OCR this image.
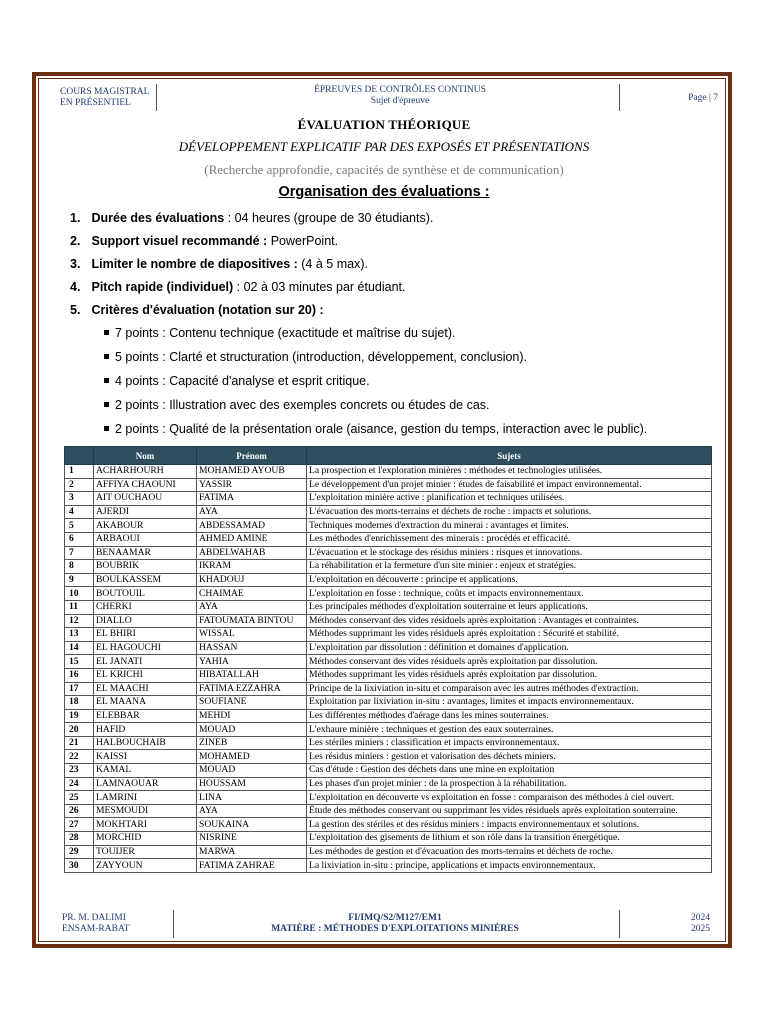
COURS MAGISTRAL
EN PRÉSENTIEL
ÉPREUVES DE CONTRÔLES CONTINUS
Sujet d'épreuve	Page | 7
ÉVALUATION THÉORIQUE
DÉVELOPPEMENT EXPLICATIF PAR DES EXPOSÉS ET PRÉSENTATIONS
(Recherche approfondie, capacités de synthèse et de communication)
Organisation des évaluations :
1. Durée des évaluations : 04 heures (groupe de 30 étudiants).
2. Support visuel recommandé : PowerPoint.
3. Limiter le nombre de diapositives : (4 à 5 max).
4. Pitch rapide (individuel) : 02 à 03 minutes par étudiant.
5. Critères d'évaluation (notation sur 20) :
7 points : Contenu technique (exactitude et maîtrise du sujet).
5 points : Clarté et structuration (introduction, développement, conclusion).
4 points : Capacité d'analyse et esprit critique.
2 points : Illustration avec des exemples concrets ou études de cas.
2 points : Qualité de la présentation orale (aisance, gestion du temps, interaction avec le public).
	Nom	Prénom	Sujets
1	ACHARHOURH	MOHAMED AYOUB	La prospection et l'exploration minières : méthodes et technologies utilisées.
2	AFFIYA CHAOUNI	YASSIR	Le développement d'un projet minier : études de faisabilité et impact environnemental.
3	AIT OUCHAOU	FATIMA	L'exploitation minière active : planification et techniques utilisées.
4	AJERDI	AYA	L'évacuation des morts-terrains et déchets de roche : impacts et solutions.
5	AKABOUR	ABDESSAMAD	Techniques modernes d'extraction du minerai : avantages et limites.
6	ARBAOUI	AHMED AMINE	Les méthodes d'enrichissement des minerais : procédés et efficacité.
7	BENAAMAR	ABDELWAHAB	L'évacuation et le stockage des résidus miniers : risques et innovations.
8	BOUBRIK	IKRAM	La réhabilitation et la fermeture d'un site minier : enjeux et stratégies.
9	BOULKASSEM	KHADOUJ	L'exploitation en découverte : principe et applications.
10	BOUTOUIL	CHAIMAE	L'exploitation en fosse : technique, coûts et impacts environnementaux.
11	CHERKI	AYA	Les principales méthodes d'exploitation souterraine et leurs applications.
12	DIALLO	FATOUMATA BINTOU	Méthodes conservant des vides résiduels après exploitation : Avantages et contraintes.
13	EL BHIRI	WISSAL	Méthodes supprimant les vides résiduels après exploitation : Sécurité et stabilité.
14	EL HAGOUCHI	HASSAN	L'exploitation par dissolution : définition et domaines d'application.
15	EL JANATI	YAHIA	Méthodes conservant des vides résiduels après exploitation par dissolution.
16	EL KRICHI	HIBATALLAH	Méthodes supprimant les vides résiduels après exploitation par dissolution.
17	EL MAACHI	FATIMA EZZAHRA	Principe de la lixiviation in-situ et comparaison avec les autres méthodes d'extraction.
18	EL MAANA	SOUFIANE	Exploitation par lixiviation in-situ : avantages, limites et impacts environnementaux.
19	ELEBBAR	MEHDI	Les différentes méthodes d'aérage dans les mines souterraines.
20	HAFID	MOUAD	L'exhaure minière : techniques et gestion des eaux souterraines.
21	HALBOUCHAIB	ZINEB	Les stériles miniers : classification et impacts environnementaux.
22	KAISSI	MOHAMED	Les résidus miniers : gestion et valorisation des déchets miniers.
23	KAMAL	MOUAD	Cas d'étude : Gestion des déchets dans une mine en exploitation
24	LAMNAOUAR	HOUSSAM	Les phases d'un projet minier : de la prospection à la réhabilitation.
25	LAMRINI	LINA	L'exploitation en découverte vs exploitation en fosse : comparaison des méthodes à ciel ouvert.
26	MESMOUDI	AYA	Étude des méthodes conservant ou supprimant les vides résiduels après exploitation souterraine.
27	MOKHTARI	SOUKAINA	La gestion des stériles et des résidus miniers : impacts environnementaux et solutions.
28	MORCHID	NISRINE	L'exploitation des gisements de lithium et son rôle dans la transition énergétique.
29	TOUIJER	MARWA	Les méthodes de gestion et d'évacuation des morts-terrains et déchets de roche.
30	ZAYYOUN	FATIMA ZAHRAE	La lixiviation in-situ : principe, applications et impacts environnementaux.
PR. M. DALIMI
ENSAM-RABAT
FI/IMQ/S2/M127/EM1
MATIÈRE : MÉTHODES D'EXPLOITATIONS MINIÈRES
2024
2025
